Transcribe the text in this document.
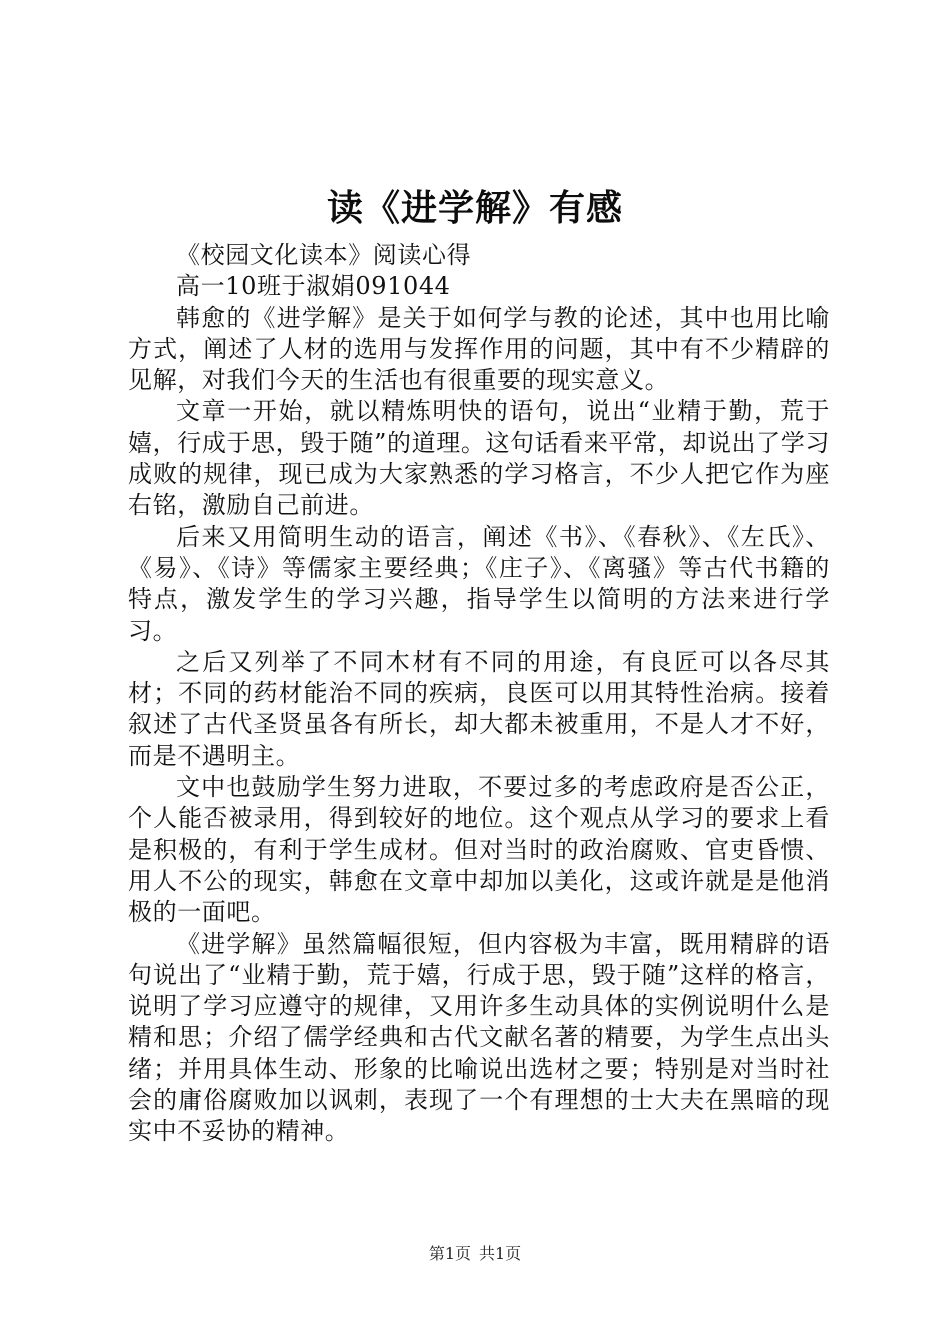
读《进学解》有感

《校园文化读本》阅读心得

高一10班于淑娟091044

韩愈的《进学解》是关于如何学与教的论述，其中也用比喻方式，阐述了人材的选用与发挥作用的问题，其中有不少精辟的见解，对我们今天的生活也有很重要的现实意义。

文章一开始，就以精炼明快的语句，说出“业精于勤，荒于嬉，行成于思，毁于随”的道理。这句话看来平常，却说出了学习成败的规律，现已成为大家熟悉的学习格言，不少人把它作为座右铭，激励自己前进。

后来又用简明生动的语言，阐述《书》、《春秋》、《左氏》、《易》、《诗》等儒家主要经典；《庄子》、《离骚》等古代书籍的特点，激发学生的学习兴趣，指导学生以简明的方法来进行学习。

之后又列举了不同木材有不同的用途，有良匠可以各尽其材；不同的药材能治不同的疾病，良医可以用其特性治病。接着叙述了古代圣贤虽各有所长，却大都未被重用，不是人才不好，而是不遇明主。

文中也鼓励学生努力进取，不要过多的考虑政府是否公正，个人能否被录用，得到较好的地位。这个观点从学习的要求上看是积极的，有利于学生成材。但对当时的政治腐败、官吏昏愦、用人不公的现实，韩愈在文章中却加以美化，这或许就是是他消极的一面吧。

《进学解》虽然篇幅很短，但内容极为丰富，既用精辟的语句说出了“业精于勤，荒于嬉，行成于思，毁于随”这样的格言，说明了学习应遵守的规律，又用许多生动具体的实例说明什么是精和思；介绍了儒学经典和古代文献名著的精要，为学生点出头绪；并用具体生动、形象的比喻说出选材之要；特别是对当时社会的庸俗腐败加以讽刺，表现了一个有理想的士大夫在黑暗的现实中不妥协的精神。

第1页 共1页
